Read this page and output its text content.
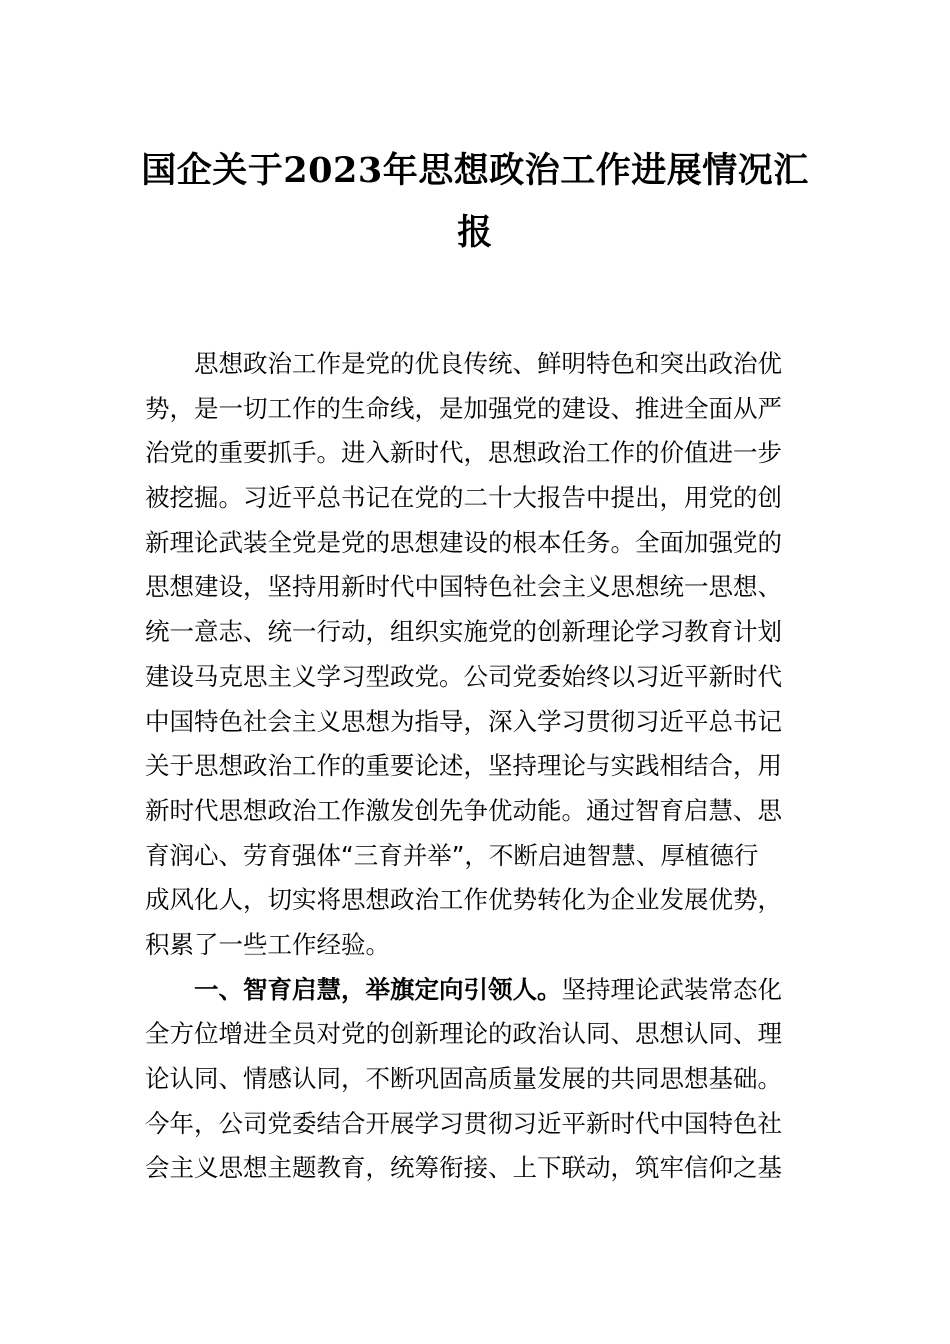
国企关于2023年思想政治工作进展情况汇
报
　　思想政治工作是党的优良传统、鲜明特色和突出政治优
势，是一切工作的生命线，是加强党的建设、推进全面从严
治党的重要抓手。进入新时代，思想政治工作的价值进一步
被挖掘。习近平总书记在党的二十大报告中提出，用党的创
新理论武装全党是党的思想建设的根本任务。全面加强党的
思想建设，坚持用新时代中国特色社会主义思想统一思想、
统一意志、统一行动，组织实施党的创新理论学习教育计划
建设马克思主义学习型政党。公司党委始终以习近平新时代
中国特色社会主义思想为指导，深入学习贯彻习近平总书记
关于思想政治工作的重要论述，坚持理论与实践相结合，用
新时代思想政治工作激发创先争优动能。通过智育启慧、思
育润心、劳育强体“三育并举”，不断启迪智慧、厚植德行
成风化人，切实将思想政治工作优势转化为企业发展优势，
积累了一些工作经验。
　　一、智育启慧，举旗定向引领人。坚持理论武装常态化
全方位增进全员对党的创新理论的政治认同、思想认同、理
论认同、情感认同，不断巩固高质量发展的共同思想基础。
今年，公司党委结合开展学习贯彻习近平新时代中国特色社
会主义思想主题教育，统筹衔接、上下联动，筑牢信仰之基
